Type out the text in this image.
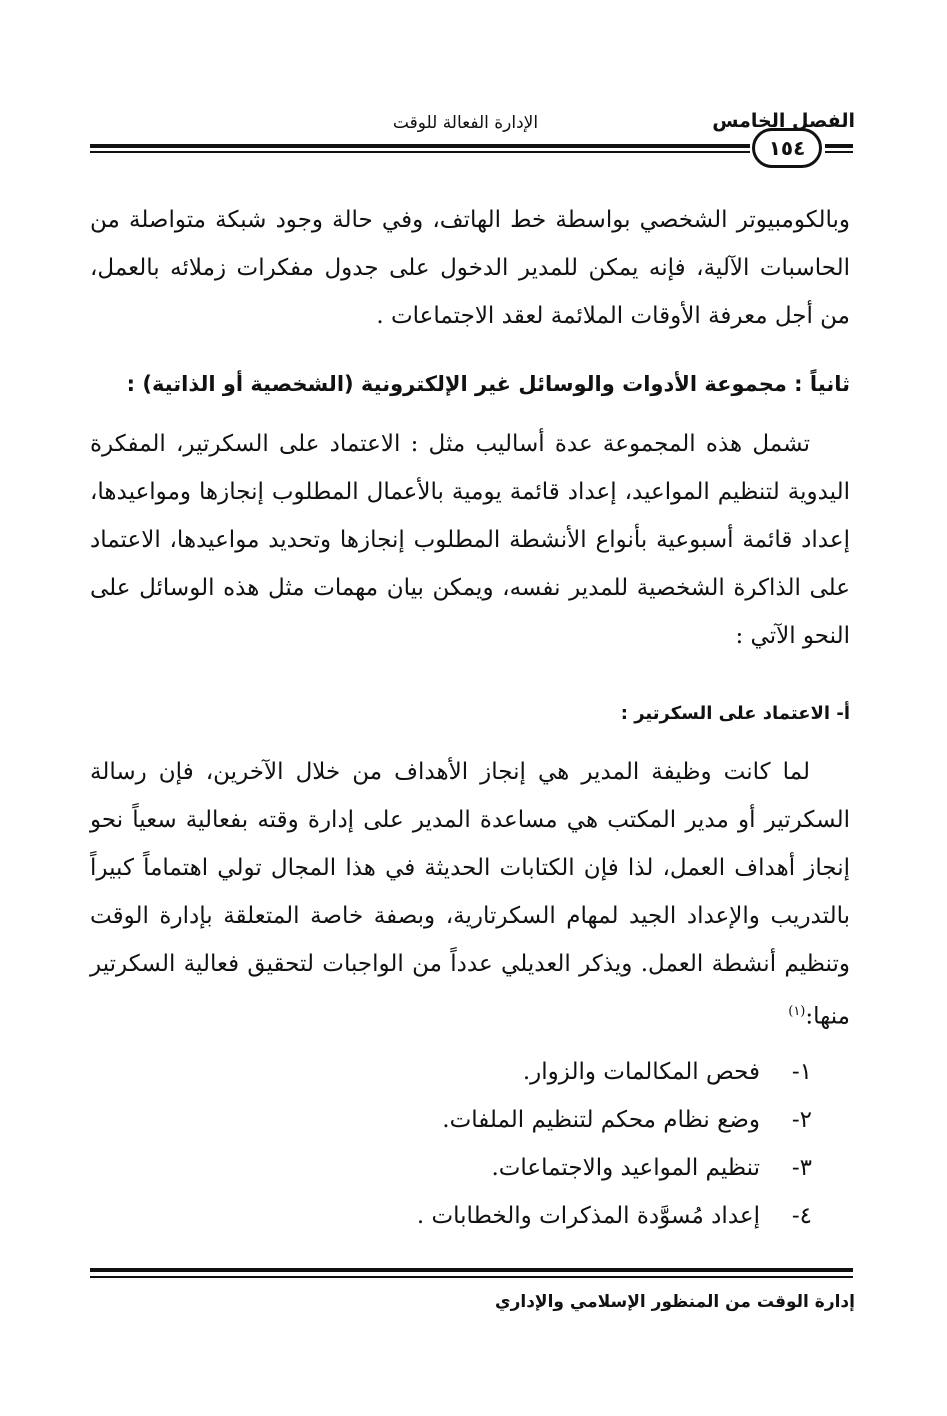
الفصل الخامس
الإدارة الفعالة للوقت
١٥٤

وبالكومبيوتر الشخصي بواسطة خط الهاتف، وفي حالة وجود شبكة متواصلة من الحاسبات الآلية، فإنه يمكن للمدير الدخول على جدول مفكرات زملائه بالعمل، من أجل معرفة الأوقات الملائمة لعقد الاجتماعات .

ثانياً : مجموعة الأدوات والوسائل غير الإلكترونية (الشخصية أو الذاتية) :

تشمل هذه المجموعة عدة أساليب مثل : الاعتماد على السكرتير، المفكرة اليدوية لتنظيم المواعيد، إعداد قائمة يومية بالأعمال المطلوب إنجازها ومواعيدها، إعداد قائمة أسبوعية بأنواع الأنشطة المطلوب إنجازها وتحديد مواعيدها، الاعتماد على الذاكرة الشخصية للمدير نفسه، ويمكن بيان مهمات مثل هذه الوسائل على النحو الآتي :

أ- الاعتماد على السكرتير :

لما كانت وظيفة المدير هي إنجاز الأهداف من خلال الآخرين، فإن رسالة السكرتير أو مدير المكتب هي مساعدة المدير على إدارة وقته بفعالية سعياً نحو إنجاز أهداف العمل، لذا فإن الكتابات الحديثة في هذا المجال تولي اهتماماً كبيراً بالتدريب والإعداد الجيد لمهام السكرتارية، وبصفة خاصة المتعلقة بإدارة الوقت وتنظيم أنشطة العمل. ويذكر العديلي عدداً من الواجبات لتحقيق فعالية السكرتير منها:$^{(١)}$

١-فحص المكالمات والزوار.
٢-وضع نظام محكم لتنظيم الملفات.
٣-تنظيم المواعيد والاجتماعات.
٤-إعداد مُسوَّدة المذكرات والخطابات .
إدارة الوقت من المنظور الإسلامي والإداري
